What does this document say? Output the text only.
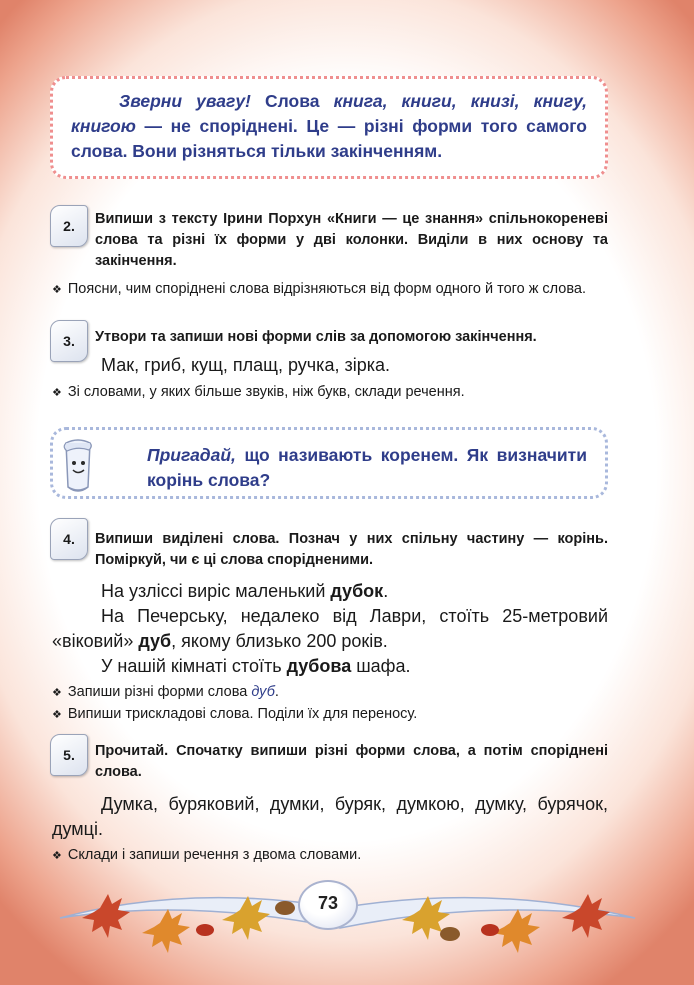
Зверни увагу! Слова книга, книги, книзі, книгу, книгою — не споріднені. Це — різні форми того самого слова. Вони різняться тільки закінченням.

2.	Випиши з тексту Ірини Порхун «Книги — це знання» спільнокореневі слова та різні їх форми у дві колонки. Виділи в них основу та закінчення.

❖ Поясни, чим споріднені слова відрізняються від форм одного й того ж слова.

3.	Утвори та запиши нові форми слів за допомогою закінчення.

Мак, гриб, кущ, плащ, ручка, зірка.

❖ Зі словами, у яких більше звуків, ніж букв, склади речення.

Пригадай, що називають коренем. Як визначити корінь слова?

4.	Випиши виділені слова. Познач у них спільну частину — корінь. Поміркуй, чи є ці слова спорідненими.

На узліссі виріс маленький дубок.

На Печерську, недалеко від Лаври, стоїть 25-метровий «віковий» дуб, якому близько 200 років.

У нашій кімнаті стоїть дубова шафа.

❖ Запиши різні форми слова дуб.

❖ Випиши трискладові слова. Поділи їх для переносу.

5.	Прочитай. Спочатку випиши різні форми слова, а потім споріднені слова.

Думка, буряковий, думки, буряк, думкою, думку, бурячок, думці.

❖ Склади і запиши речення з двома словами.

73
